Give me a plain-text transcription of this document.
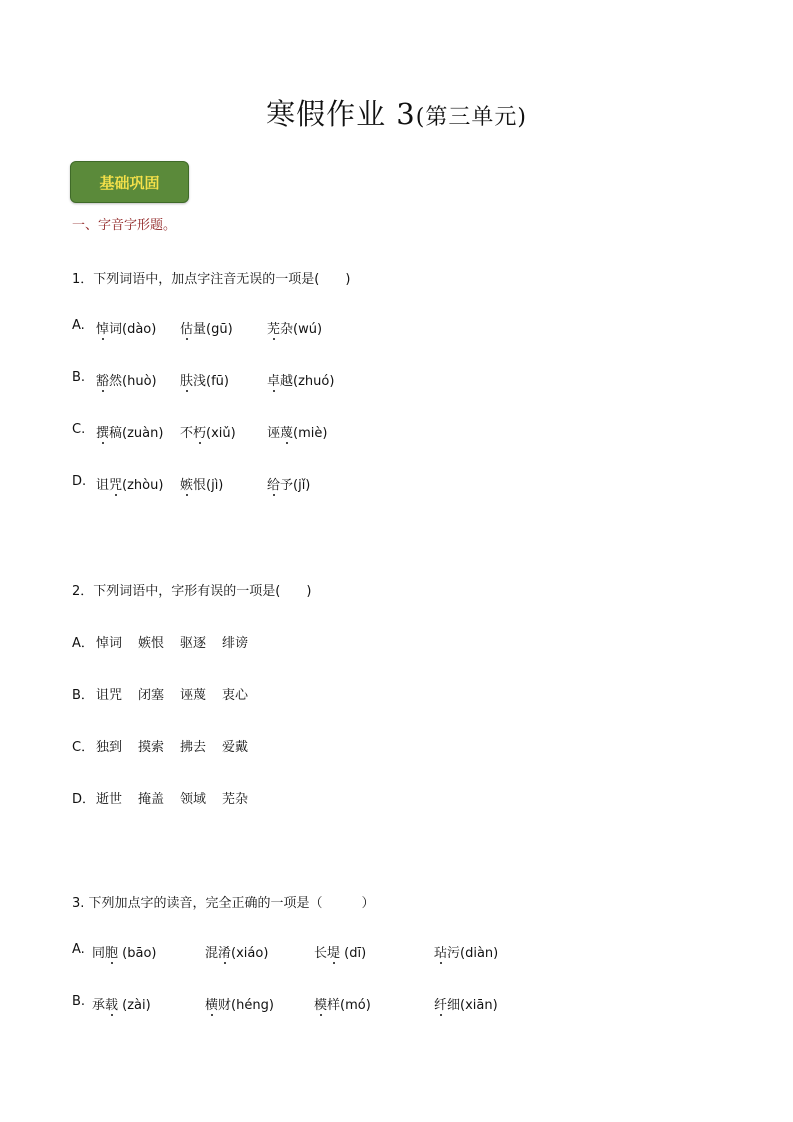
寒假作业 3(第三单元)
基础巩固
一、字音字形题。
1．下列词语中，加点字注音无误的一项是(　　)
A. 悼词(dào) 估量(gū)	芜杂(wú)
B. 豁然(huò) 肤浅(fū)	卓越(zhuó)
C. 撰稿(zuàn) 不朽(xiǔ) 诬蔑(miè)
D. 诅咒(zhòu) 嫉恨(jì)	给予(jǐ)
2．下列词语中，字形有误的一项是(　　)
A． 悼词 嫉恨 驱逐 绯谤
B． 诅咒 闭塞 诬蔑 衷心
C． 独到 摸索 拂去 爱戴
D． 逝世 掩盖 领域 芜杂
3. 下列加点字的读音，完全正确的一项是（　　　）
A. 同胞 (bāo)	混淆(xiáo)	长堤 (dī)	玷污(diàn)
B. 承载 (zài)	横财(héng)	模样(mó)	纤细(xiān)
